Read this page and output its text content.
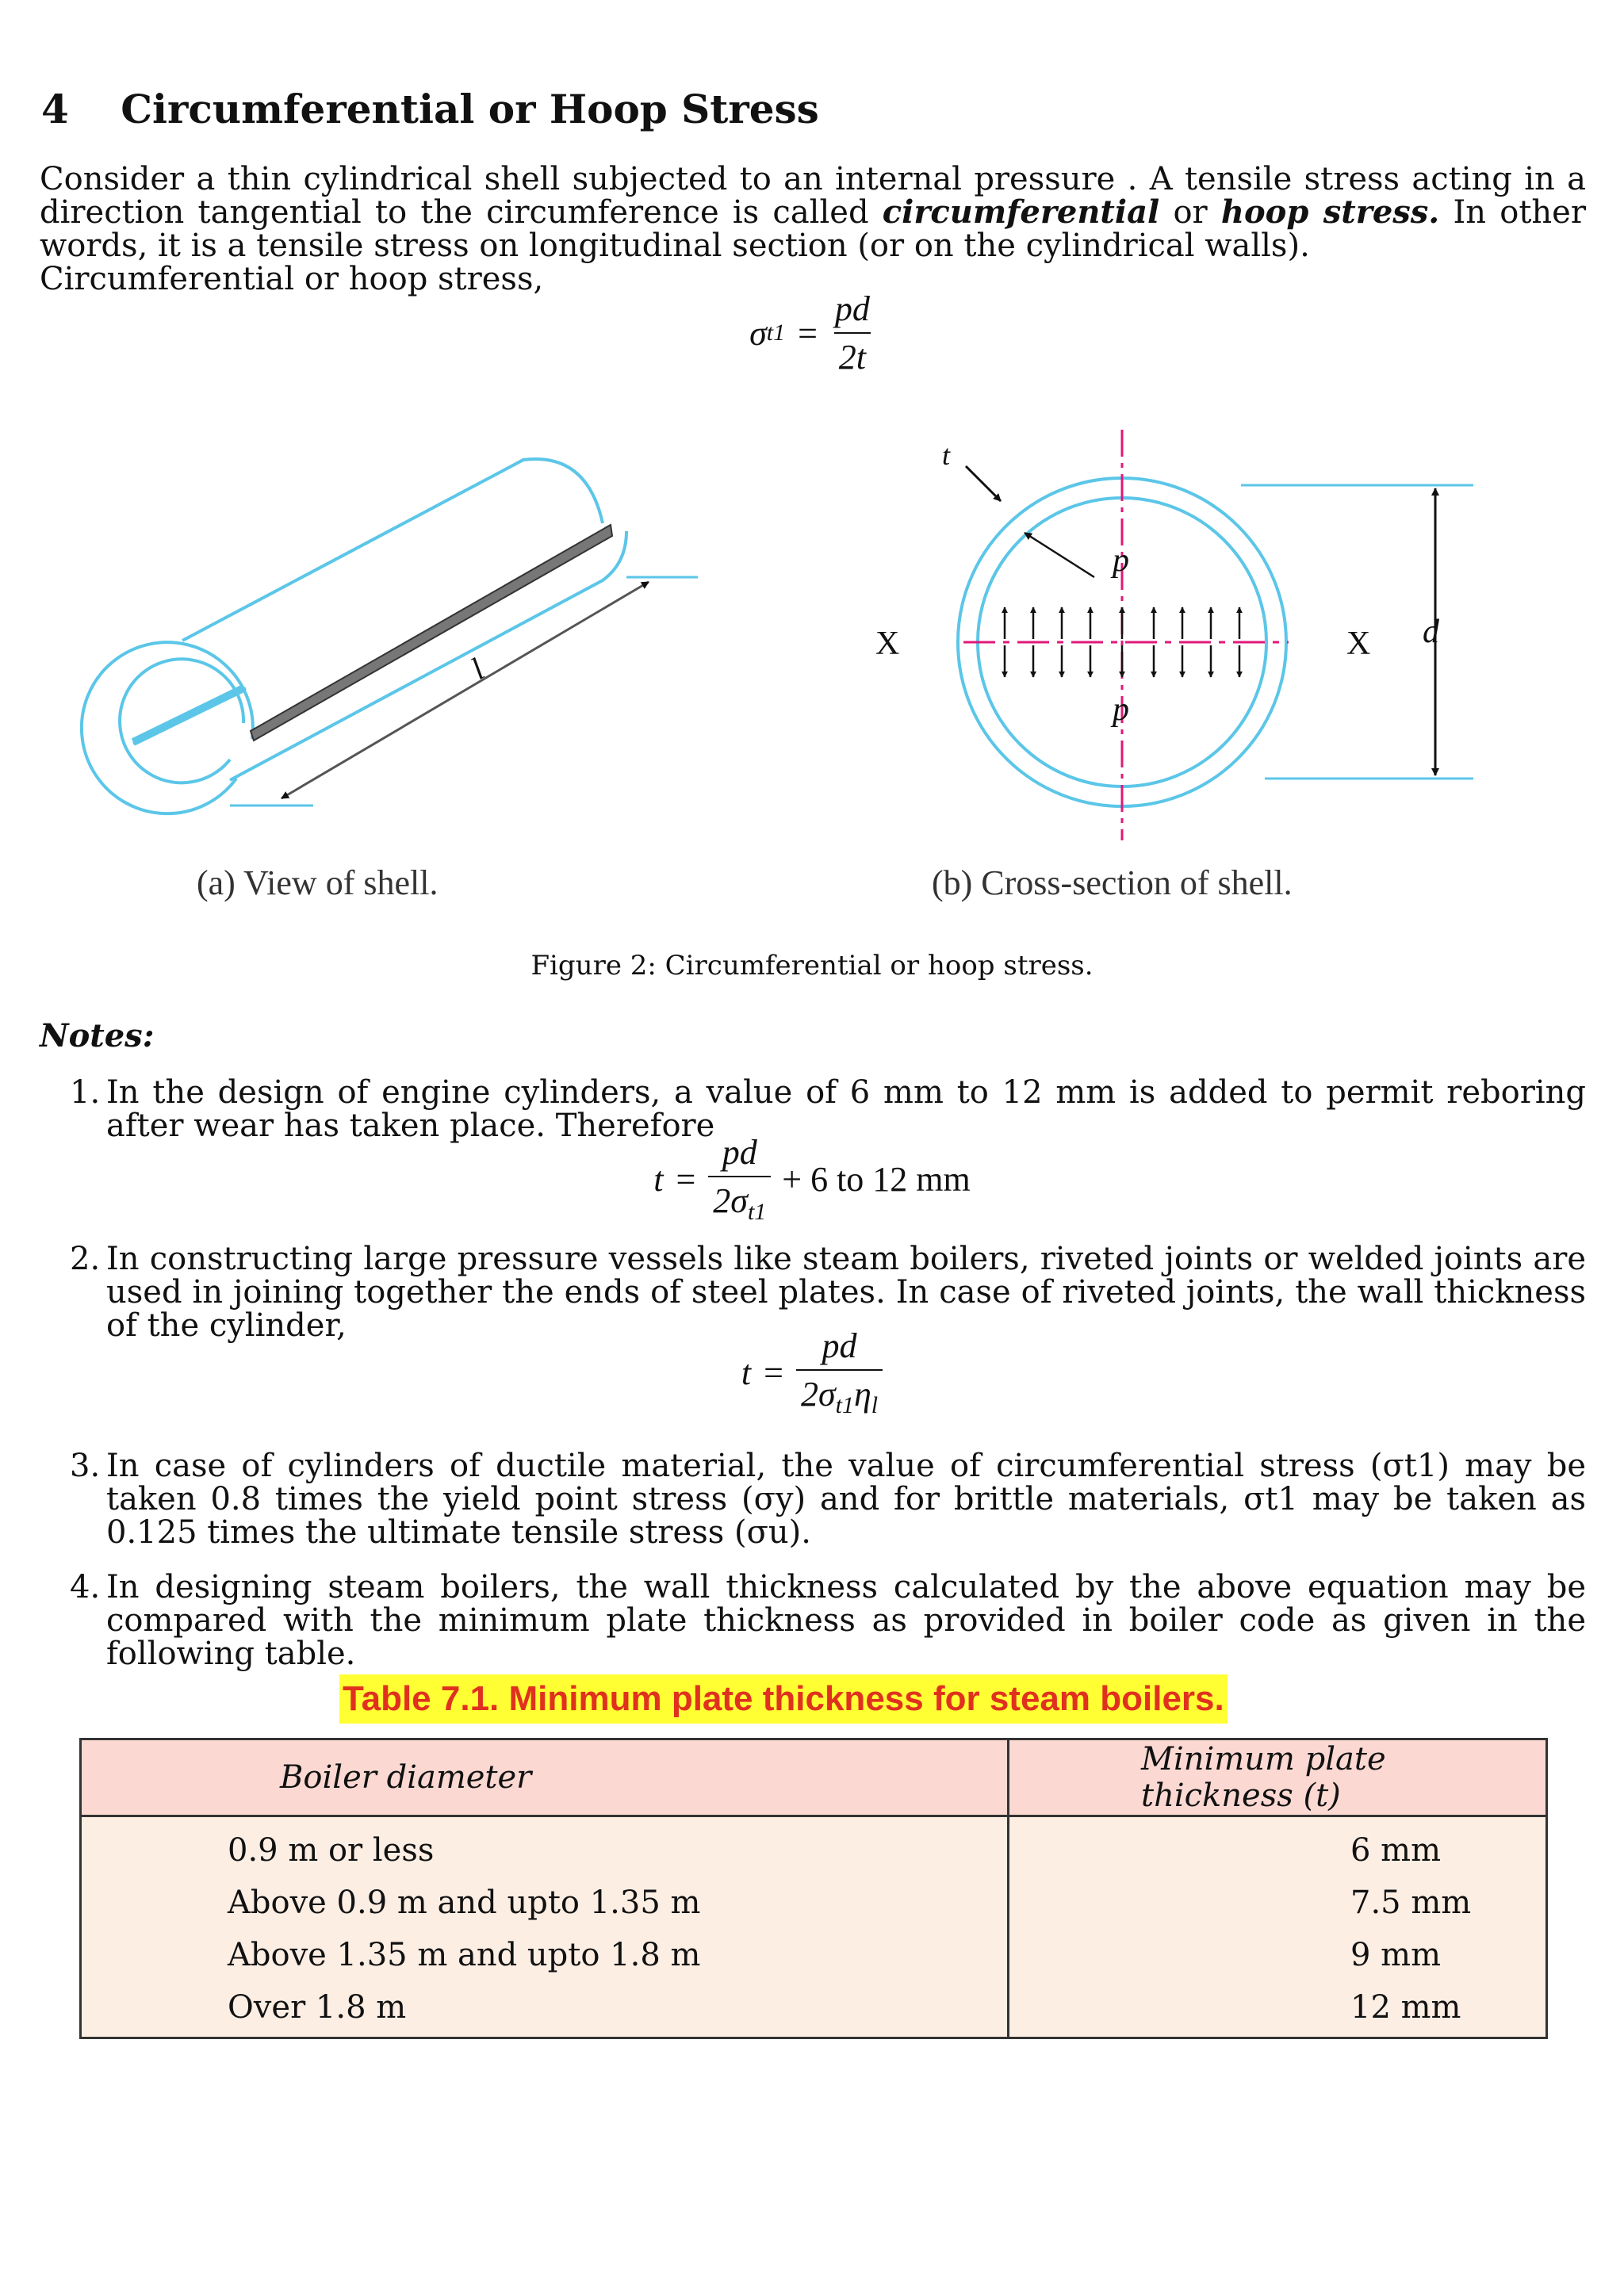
4 Circumferential or Hoop Stress
Consider a thin cylindrical shell subjected to an internal pressure . A tensile stress acting in a direction tangential to the circumference is called circumferential or hoop stress. In other words, it is a tensile stress on longitudinal section (or on the cylindrical walls).
Circumferential or hoop stress,
σ $t1 = \frac{pd}{2t}$
l
t
p
p
X	X d
(a) View of shell.	(b) Cross-section of shell.
Figure 2: Circumferential or hoop stress.
Notes:
1. In the design of engine cylinders, a value of 6 mm to 12 mm is added to permit reboring after wear has taken place. Therefore
$t = \frac{pd}{2\sigma_{t1}} + 6$ to 12 mm
2. In constructing large pressure vessels like steam boilers, riveted joints or welded joints are used in joining together the ends of steel plates. In case of riveted joints, the wall thickness of the cylinder,
$t = \frac{pd}{2\sigma_{t1}\eta_l}$
3. In case of cylinders of ductile material, the value of circumferential stress (σt1) may be taken 0.8 times the yield point stress (σy) and for brittle materials, σt1 may be taken as 0.125 times the ultimate tensile stress (σu).
4. In designing steam boilers, the wall thickness calculated by the above equation may be compared with the minimum plate thickness as provided in boiler code as given in the following table.
Table 7.1. Minimum plate thickness for steam boilers.
Boiler diameter	Minimum plate thickness (t)

0.9 m or less	6 mm
Above 0.9 m and upto 1.35 m	7.5 mm
Above 1.35 m and upto 1.8 m	9 mm
Over 1.8 m	12 mm
